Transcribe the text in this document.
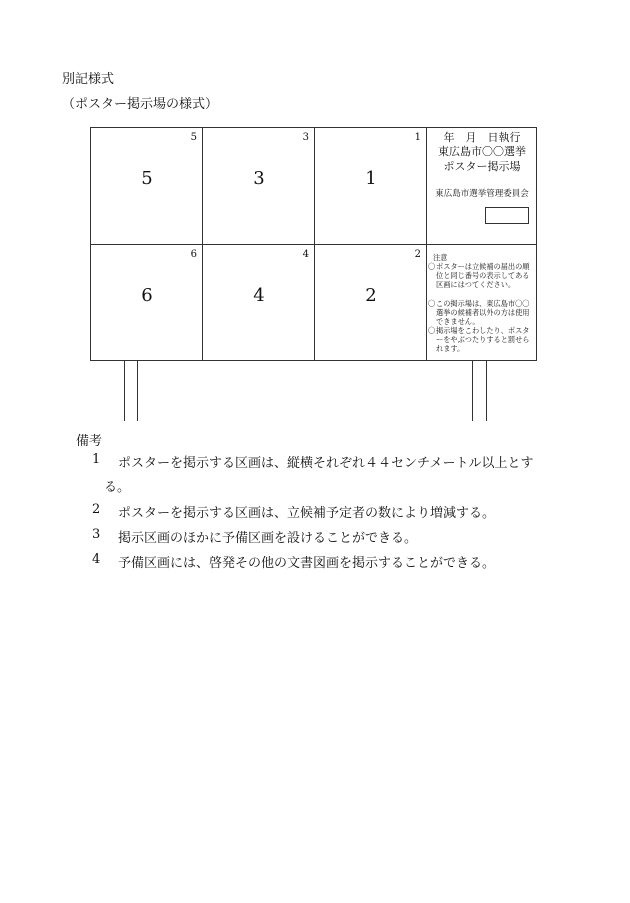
別記様式
（ポスター掲示場の様式）
5
5
3
3
1
1
6
6
4
4
2
2
年　月　日執行
東広島市〇〇選挙
ポスター掲示場
東広島市選挙管理委員会
注意
〇 ポスターは立候補の届出の順位と同じ番号の表示してある区画にはつてください。
〇 この掲示場は、東広島市〇〇選挙の候補者以外の方は使用できません。
〇 掲示場をこわしたり、ポスターをやぶつたりすると罰せられます。
備考
1 ポスターを掲示する区画は、縦横それぞれ４４センチメートル以上とす
る。
2 ポスターを掲示する区画は、立候補予定者の数により増減する。
3 掲示区画のほかに予備区画を設けることができる。
4 予備区画には、啓発その他の文書図画を掲示することができる。
